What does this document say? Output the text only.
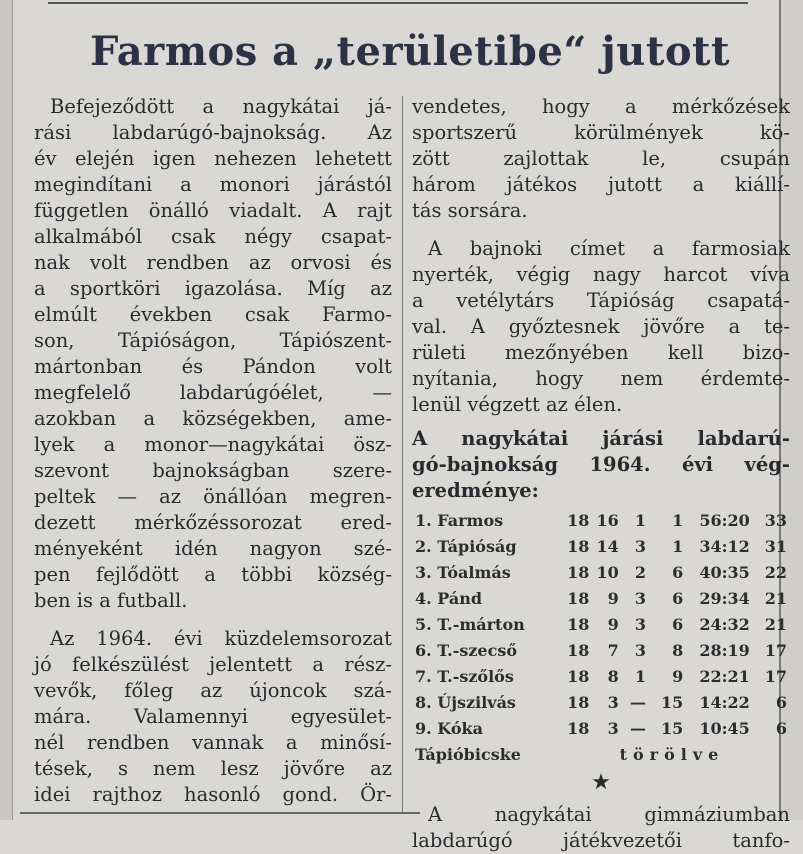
Farmos a „területibe“ jutott
Befejeződött a nagykátai já-
rási labdarúgó-bajnokság. Az
év elején igen nehezen lehetett
megindítani a monori járástól
független önálló viadalt. A rajt
alkalmából csak négy csapat-
nak volt rendben az orvosi és
a sportköri igazolása. Míg az
elmúlt években csak Farmo-
son, Tápióságon, Tápiószent-
mártonban és Pándon volt
megfelelő labdarúgóélet, —
azokban a községekben, ame-
lyek a monor—nagykátai ösz-
szevont bajnokságban szere-
peltek — az önállóan megren-
dezett mérkőzéssorozat ered-
ményeként idén nagyon szé-
pen fejlődött a többi község-
ben is a futball.
Az 1964. évi küzdelemsorozat
jó felkészülést jelentett a rész-
vevők, főleg az újoncok szá-
mára. Valamennyi egyesület-
nél rendben vannak a minősí-
tések, s nem lesz jövőre az
idei rajthoz hasonló gond. Ör-
vendetes, hogy a mérkőzések
sportszerű körülmények kö-
zött zajlottak le, csupán
három játékos jutott a kiállí-
tás sorsára.
A bajnoki címet a farmosiak
nyerték, végig nagy harcot víva
a vetélytárs Tápióság csapatá-
val. A győztesnek jövőre a te-
rületi mezőnyében kell bizo-
nyítania, hogy nem érdemte-
lenül végzett az élen.
A nagykátai járási labdarú-
gó-bajnokság 1964. évi vég-
eredménye:
1. Farmos	18	16	1	1	56:20	33
2. Tápióság	18	14	3	1	34:12	31
3. Tóalmás	18	10	2	6	40:35	22
4. Pánd	18	9	3	6	29:34	21
5. T.-márton	18	9	3	6	24:32	21
6. T.-szecső	18	7	3	8	28:19	17
7. T.-szőlős	18	8	1	9	22:21	17
8. Újszilvás	18	3	—	15	14:22	6
9. Kóka	18	3	—	15	10:45	6
Tápióbicske	törölve					
★
A nagykátai gimnáziumban
labdarúgó játékvezetői tanfo-
